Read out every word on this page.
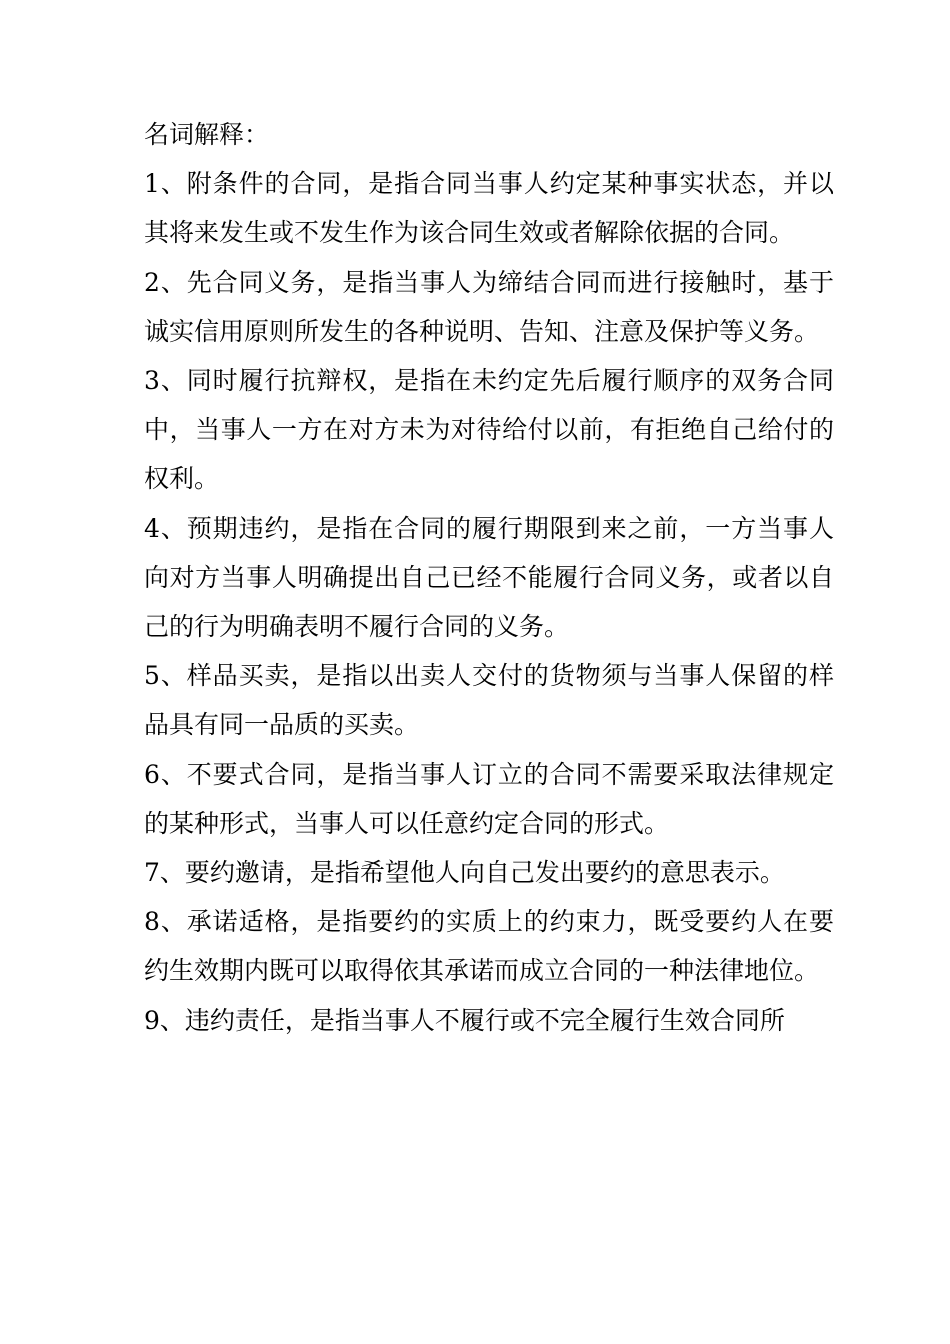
名词解释：

1、附条件的合同，是指合同当事人约定某种事实状态，并以其将来发生或不发生作为该合同生效或者解除依据的合同。

2、先合同义务，是指当事人为缔结合同而进行接触时，基于诚实信用原则所发生的各种说明、告知、注意及保护等义务。

3、同时履行抗辩权，是指在未约定先后履行顺序的双务合同中，当事人一方在对方未为对待给付以前，有拒绝自己给付的权利。

4、预期违约，是指在合同的履行期限到来之前，一方当事人向对方当事人明确提出自己已经不能履行合同义务，或者以自己的行为明确表明不履行合同的义务。

5、样品买卖，是指以出卖人交付的货物须与当事人保留的样品具有同一品质的买卖。

6、不要式合同，是指当事人订立的合同不需要采取法律规定的某种形式，当事人可以任意约定合同的形式。

7、要约邀请，是指希望他人向自己发出要约的意思表示。

8、承诺适格，是指要约的实质上的约束力，既受要约人在要约生效期内既可以取得依其承诺而成立合同的一种法律地位。

9、违约责任，是指当事人不履行或不完全履行生效合同所
